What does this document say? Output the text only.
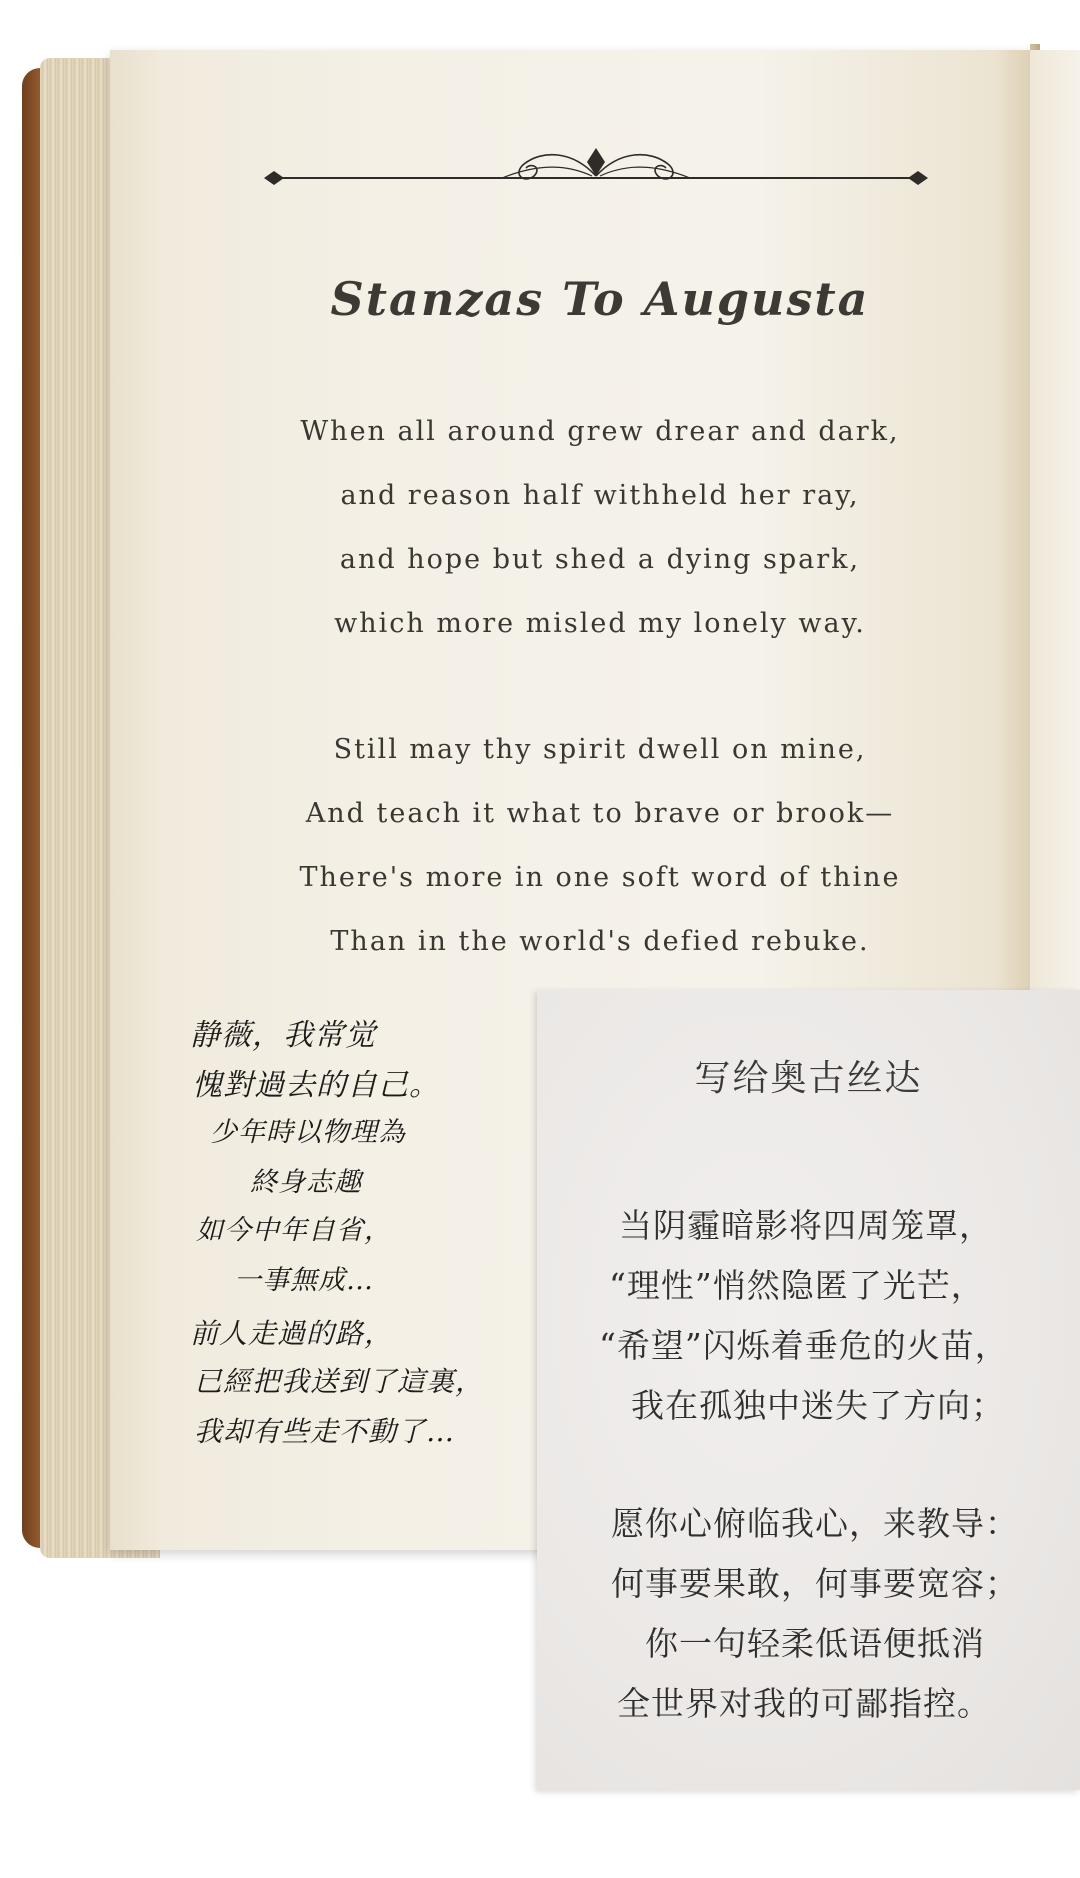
Stanzas To Augusta
When all around grew drear and dark,
and reason half withheld her ray,
and hope but shed a dying spark,
which more misled my lonely way.
Still may thy spirit dwell on mine,
And teach it what to brave or brook—
There's more in one soft word of thine
Than in the world's defied rebuke.
静薇，我常觉
愧對過去的自己。
少年時以物理為
終身志趣
如今中年自省，
一事無成…
前人走過的路，
已經把我送到了這裏，
我却有些走不動了…
写给奥古丝达
当阴霾暗影将四周笼罩，
“理性”悄然隐匿了光芒，
“希望”闪烁着垂危的火苗，
我在孤独中迷失了方向；
愿你心俯临我心，来教导：
何事要果敢，何事要宽容；
你一句轻柔低语便抵消
全世界对我的可鄙指控。
